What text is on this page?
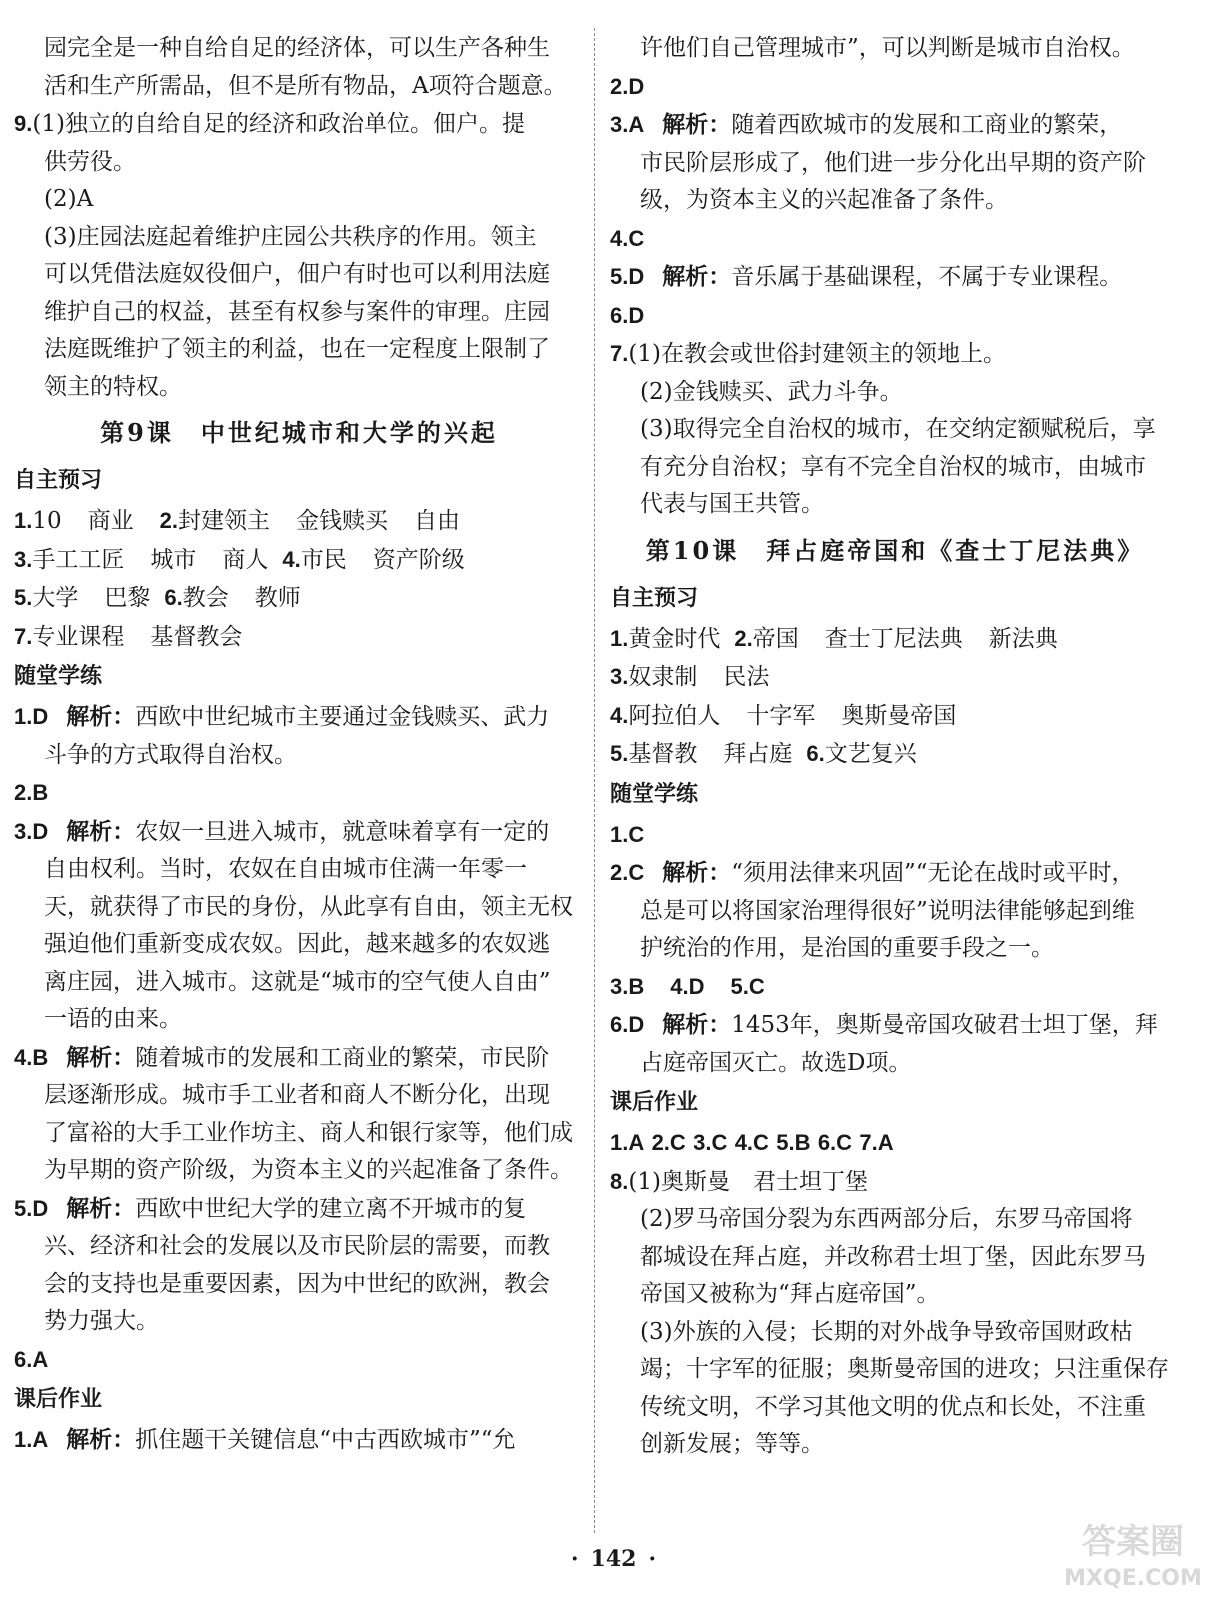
园完全是一种自给自足的经济体，可以生产各种生

活和生产所需品，但不是所有物品，A项符合题意。

9.(1)独立的自给自足的经济和政治单位。佃户。提

供劳役。

(2)A

(3)庄园法庭起着维护庄园公共秩序的作用。领主

可以凭借法庭奴役佃户，佃户有时也可以利用法庭

维护自己的权益，甚至有权参与案件的审理。庄园

法庭既维护了领主的利益，也在一定程度上限制了

领主的特权。

第9课　中世纪城市和大学的兴起
自主预习

1.10 商业 2.封建领主 金钱赎买 自由

3.手工工匠 城市 商人 4.市民 资产阶级

5.大学 巴黎 6.教会 教师

7.专业课程 基督教会

随堂学练

1.D 解析：西欧中世纪城市主要通过金钱赎买、武力

斗争的方式取得自治权。

2.B

3.D 解析：农奴一旦进入城市，就意味着享有一定的

自由权利。当时，农奴在自由城市住满一年零一

天，就获得了市民的身份，从此享有自由，领主无权

强迫他们重新变成农奴。因此，越来越多的农奴逃

离庄园，进入城市。这就是“城市的空气使人自由”

一语的由来。

4.B 解析：随着城市的发展和工商业的繁荣，市民阶

层逐渐形成。城市手工业者和商人不断分化，出现

了富裕的大手工业作坊主、商人和银行家等，他们成

为早期的资产阶级，为资本主义的兴起准备了条件。

5.D 解析：西欧中世纪大学的建立离不开城市的复

兴、经济和社会的发展以及市民阶层的需要，而教

会的支持也是重要因素，因为中世纪的欧洲，教会

势力强大。

6.A

课后作业

1.A 解析：抓住题干关键信息“中古西欧城市”“允

许他们自己管理城市”，可以判断是城市自治权。

2.D

3.A 解析：随着西欧城市的发展和工商业的繁荣，

市民阶层形成了，他们进一步分化出早期的资产阶

级，为资本主义的兴起准备了条件。

4.C

5.D 解析：音乐属于基础课程，不属于专业课程。

6.D

7.(1)在教会或世俗封建领主的领地上。

(2)金钱赎买、武力斗争。

(3)取得完全自治权的城市，在交纳定额赋税后，享

有充分自治权；享有不完全自治权的城市，由城市

代表与国王共管。

第10课　拜占庭帝国和《查士丁尼法典》
自主预习

1.黄金时代 2.帝国 查士丁尼法典 新法典

3.奴隶制 民法

4.阿拉伯人 十字军 奥斯曼帝国

5.基督教 拜占庭 6.文艺复兴

随堂学练

1.C

2.C 解析：“须用法律来巩固”“无论在战时或平时，

总是可以将国家治理得很好”说明法律能够起到维

护统治的作用，是治国的重要手段之一。

3.B 4.D 5.C

6.D 解析：1453年，奥斯曼帝国攻破君士坦丁堡，拜

占庭帝国灭亡。故选D项。

课后作业

1.A 2.C 3.C 4.C 5.B 6.C 7.A

8.(1)奥斯曼　君士坦丁堡

(2)罗马帝国分裂为东西两部分后，东罗马帝国将

都城设在拜占庭，并改称君士坦丁堡，因此东罗马

帝国又被称为“拜占庭帝国”。

(3)外族的入侵；长期的对外战争导致帝国财政枯

竭；十字军的征服；奥斯曼帝国的进攻；只注重保存

传统文明，不学习其他文明的优点和长处，不注重

创新发展；等等。

· 142 ·	答案圈
MXQE.COM
